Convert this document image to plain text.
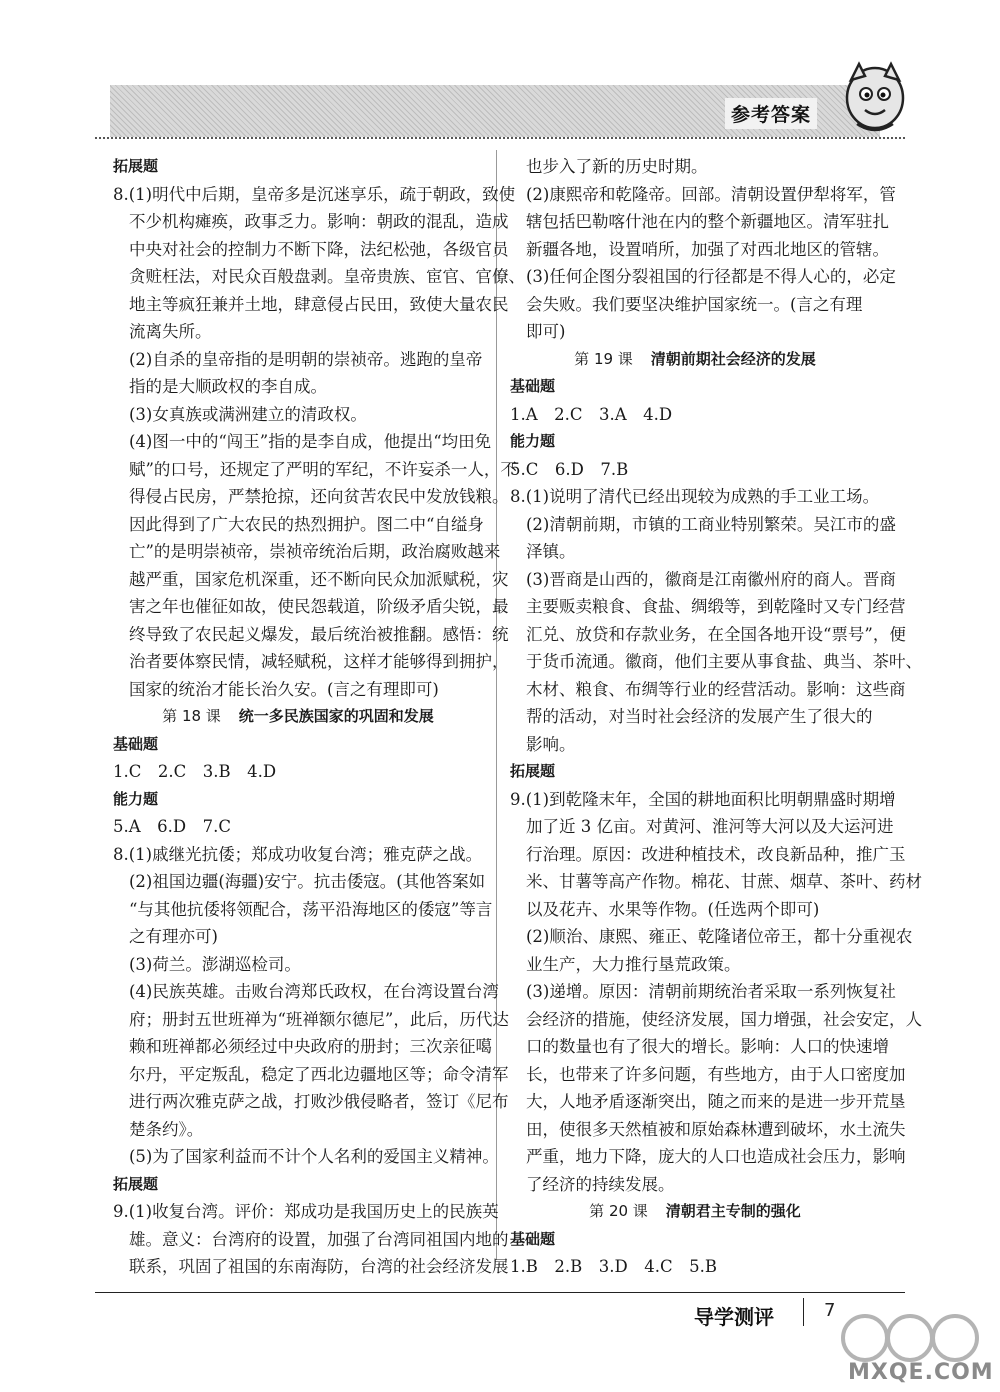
参考答案
拓展题
8.(1)明代中后期，皇帝多是沉迷享乐，疏于朝政，致使
不少机构瘫痪，政事乏力。影响：朝政的混乱，造成
中央对社会的控制力不断下降，法纪松弛，各级官员
贪赃枉法，对民众百般盘剥。皇帝贵族、宦官、官僚、
地主等疯狂兼并土地，肆意侵占民田，致使大量农民
流离失所。
(2)自杀的皇帝指的是明朝的崇祯帝。逃跑的皇帝
指的是大顺政权的李自成。
(3)女真族或满洲建立的清政权。
(4)图一中的“闯王”指的是李自成，他提出“均田免
赋”的口号，还规定了严明的军纪，不许妄杀一人，不
得侵占民房，严禁抢掠，还向贫苦农民中发放钱粮。
因此得到了广大农民的热烈拥护。图二中“自缢身
亡”的是明崇祯帝，崇祯帝统治后期，政治腐败越来
越严重，国家危机深重，还不断向民众加派赋税，灾
害之年也催征如故，使民怨载道，阶级矛盾尖锐，最
终导致了农民起义爆发，最后统治被推翻。感悟：统
治者要体察民情，减轻赋税，这样才能够得到拥护，
国家的统治才能长治久安。(言之有理即可)
第 18 课 统一多民族国家的巩固和发展
基础题
1.C　2.C　3.B　4.D
能力题
5.A　6.D　7.C
8.(1)戚继光抗倭；郑成功收复台湾；雅克萨之战。
(2)祖国边疆(海疆)安宁。抗击倭寇。(其他答案如
“与其他抗倭将领配合，荡平沿海地区的倭寇”等言
之有理亦可)
(3)荷兰。澎湖巡检司。
(4)民族英雄。击败台湾郑氏政权，在台湾设置台湾
府；册封五世班禅为“班禅额尔德尼”，此后，历代达
赖和班禅都必须经过中央政府的册封；三次亲征噶
尔丹，平定叛乱，稳定了西北边疆地区等；命令清军
进行两次雅克萨之战，打败沙俄侵略者，签订《尼布
楚条约》。
(5)为了国家利益而不计个人名利的爱国主义精神。
拓展题
9.(1)收复台湾。评价：郑成功是我国历史上的民族英
雄。意义：台湾府的设置，加强了台湾同祖国内地的
联系，巩固了祖国的东南海防，台湾的社会经济发展
也步入了新的历史时期。
(2)康熙帝和乾隆帝。回部。清朝设置伊犁将军，管
辖包括巴勒喀什池在内的整个新疆地区。清军驻扎
新疆各地，设置哨所，加强了对西北地区的管辖。
(3)任何企图分裂祖国的行径都是不得人心的，必定
会失败。我们要坚决维护国家统一。(言之有理
即可)
第 19 课 清朝前期社会经济的发展
基础题
1.A　2.C　3.A　4.D
能力题
5.C　6.D　7.B
8.(1)说明了清代已经出现较为成熟的手工业工场。
(2)清朝前期，市镇的工商业特别繁荣。吴江市的盛
泽镇。
(3)晋商是山西的，徽商是江南徽州府的商人。晋商
主要贩卖粮食、食盐、绸缎等，到乾隆时又专门经营
汇兑、放贷和存款业务，在全国各地开设“票号”，便
于货币流通。徽商，他们主要从事食盐、典当、茶叶、
木材、粮食、布绸等行业的经营活动。影响：这些商
帮的活动，对当时社会经济的发展产生了很大的
影响。
拓展题
9.(1)到乾隆末年，全国的耕地面积比明朝鼎盛时期增
加了近 3 亿亩。对黄河、淮河等大河以及大运河进
行治理。原因：改进种植技术，改良新品种，推广玉
米、甘薯等高产作物。棉花、甘蔗、烟草、茶叶、药材
以及花卉、水果等作物。(任选两个即可)
(2)顺治、康熙、雍正、乾隆诸位帝王，都十分重视农
业生产，大力推行垦荒政策。
(3)递增。原因：清朝前期统治者采取一系列恢复社
会经济的措施，使经济发展，国力增强，社会安定，人
口的数量也有了很大的增长。影响：人口的快速增
长，也带来了许多问题，有些地方，由于人口密度加
大，人地矛盾逐渐突出，随之而来的是进一步开荒垦
田，使很多天然植被和原始森林遭到破坏，水土流失
严重，地力下降，庞大的人口也造成社会压力，影响
了经济的持续发展。
第 20 课 清朝君主专制的强化
基础题
1.B　2.B　3.D　4.C　5.B
导学测评	7
MXQE.COM
